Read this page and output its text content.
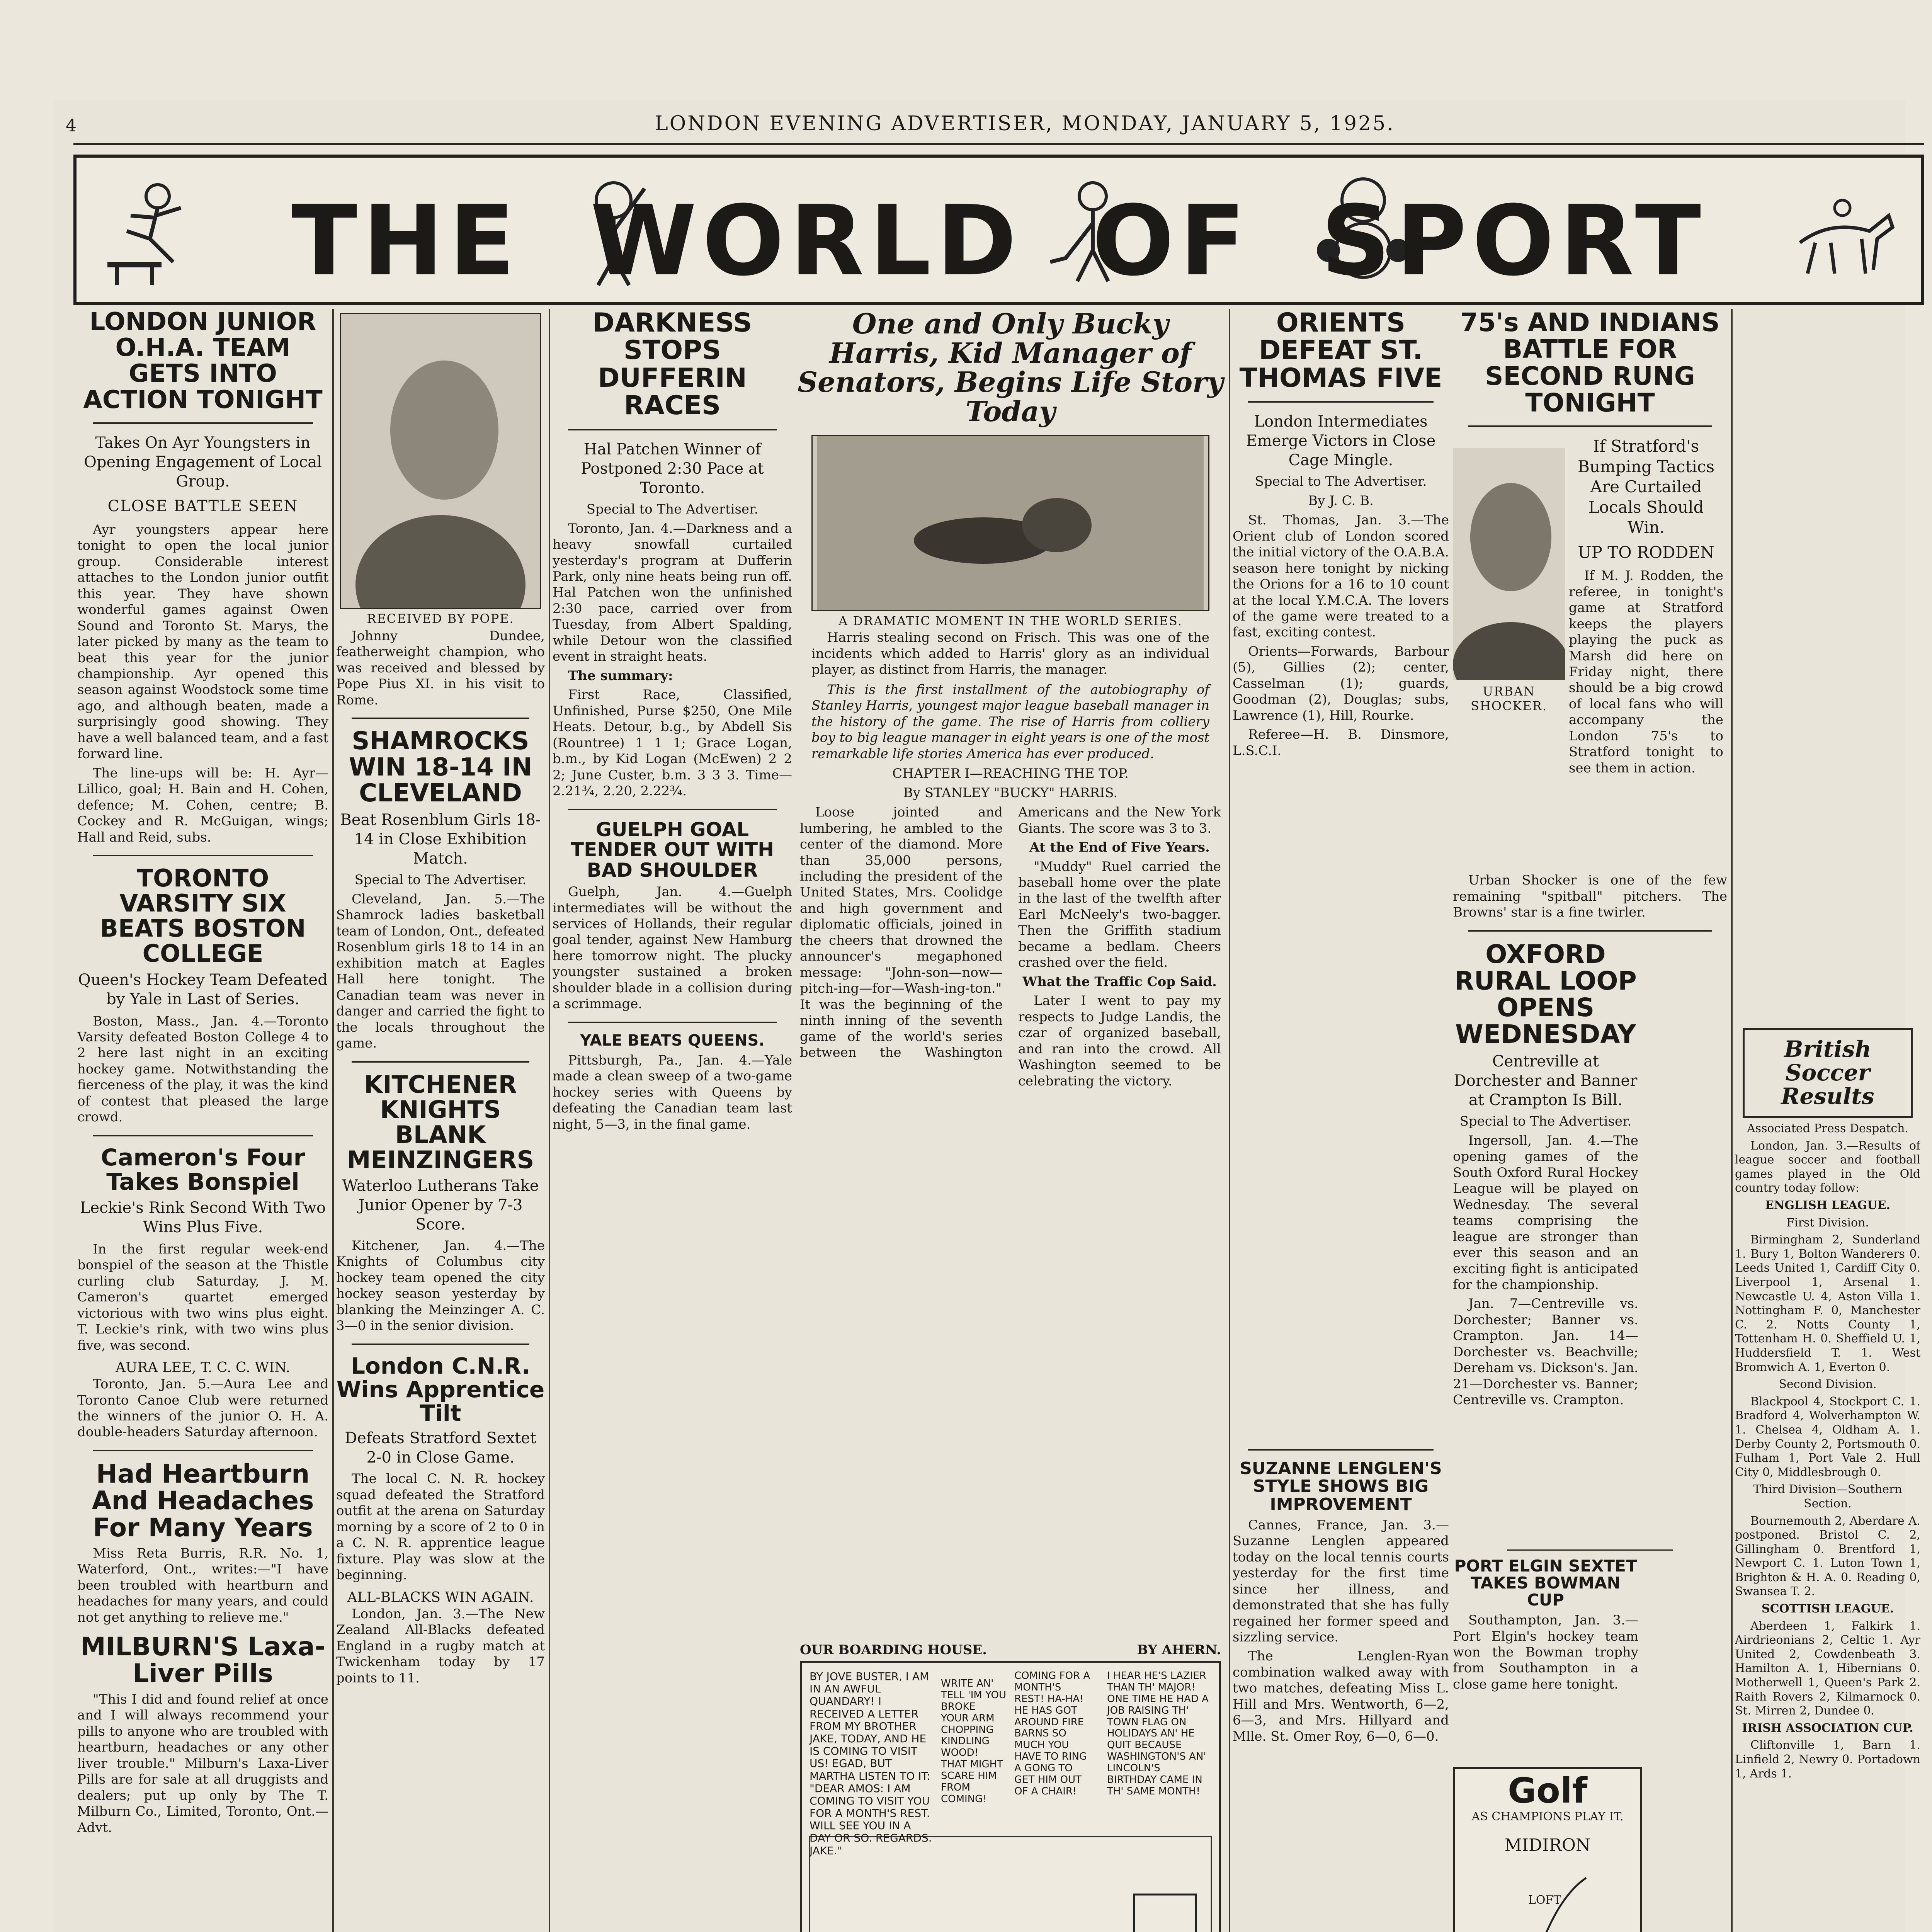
4	LONDON EVENING ADVERTISER, MONDAY, JANUARY 5, 1925.
THE WORLD OF SPORT
LONDON JUNIOR O.H.A. TEAM GETS INTO ACTION TONIGHT
Takes On Ayr Youngsters in Opening Engagement of Local Group.
CLOSE BATTLE SEEN

Ayr youngsters appear here tonight to open the local junior group. Considerable interest attaches to the London junior outfit this year. They have shown wonderful games against Owen Sound and Toronto St. Marys, the later picked by many as the team to beat this year for the junior championship. Ayr opened this season against Woodstock some time ago, and although beaten, made a surprisingly good showing. They have a well balanced team, and a fast forward line.

The line-ups will be: H. Ayr—Lillico, goal; H. Bain and H. Cohen, defence; M. Cohen, centre; B. Cockey and R. McGuigan, wings; Hall and Reid, subs.

TORONTO VARSITY SIX BEATS BOSTON COLLEGE
Queen's Hockey Team Defeated by Yale in Last of Series.

Boston, Mass., Jan. 4.—Toronto Varsity defeated Boston College 4 to 2 here last night in an exciting hockey game. Notwithstanding the fierceness of the play, it was the kind of contest that pleased the large crowd.

Cameron's Four Takes Bonspiel
Leckie's Rink Second With Two Wins Plus Five.

In the first regular week-end bonspiel of the season at the Thistle curling club Saturday, J. M. Cameron's quartet emerged victorious with two wins plus eight. T. Leckie's rink, with two wins plus five, was second.

AURA LEE, T. C. C. WIN.

Toronto, Jan. 5.—Aura Lee and Toronto Canoe Club were returned the winners of the junior O. H. A. double-headers Saturday afternoon.

Had Heartburn And Headaches For Many Years

Miss Reta Burris, R.R. No. 1, Waterford, Ont., writes:—"I have been troubled with heartburn and headaches for many years, and could not get anything to relieve me."

MILBURN'S Laxa-Liver Pills

"This I did and found relief at once and I will always recommend your pills to anyone who are troubled with heartburn, headaches or any other liver trouble." Milburn's Laxa-Liver Pills are for sale at all druggists and dealers; put up only by The T. Milburn Co., Limited, Toronto, Ont.—Advt.

RECEIVED BY POPE.

Johnny Dundee, featherweight champion, who was received and blessed by Pope Pius XI. in his visit to Rome.

SHAMROCKS WIN 18-14 IN CLEVELAND
Beat Rosenblum Girls 18-14 in Close Exhibition Match.
Special to The Advertiser.

Cleveland, Jan. 5.—The Shamrock ladies basketball team of London, Ont., defeated Rosenblum girls 18 to 14 in an exhibition match at Eagles Hall here tonight. The Canadian team was never in danger and carried the fight to the locals throughout the game.

KITCHENER KNIGHTS BLANK MEINZINGERS
Waterloo Lutherans Take Junior Opener by 7-3 Score.

Kitchener, Jan. 4.—The Knights of Columbus city hockey team opened the city hockey season yesterday by blanking the Meinzinger A. C. 3—0 in the senior division.

London C.N.R. Wins Apprentice Tilt
Defeats Stratford Sextet 2-0 in Close Game.

The local C. N. R. hockey squad defeated the Stratford outfit at the arena on Saturday morning by a score of 2 to 0 in a C. N. R. apprentice league fixture. Play was slow at the beginning.

ALL-BLACKS WIN AGAIN.

London, Jan. 3.—The New Zealand All-Blacks defeated England in a rugby match at Twickenham today by 17 points to 11.

DARKNESS STOPS DUFFERIN RACES
Hal Patchen Winner of Postponed 2:30 Pace at Toronto.
Special to The Advertiser.

Toronto, Jan. 4.—Darkness and a heavy snowfall curtailed yesterday's program at Dufferin Park, only nine heats being run off. Hal Patchen won the unfinished 2:30 pace, carried over from Tuesday, from Albert Spalding, while Detour won the classified event in straight heats.

The summary:

First Race, Classified, Unfinished, Purse $250, One Mile Heats. Detour, b.g., by Abdell Sis (Rountree) 1 1 1; Grace Logan, b.m., by Kid Logan (McEwen) 2 2 2; June Custer, b.m. 3 3 3. Time—2.21¾, 2.20, 2.22¾.

GUELPH GOAL TENDER OUT WITH BAD SHOULDER

Guelph, Jan. 4.—Guelph intermediates will be without the services of Hollands, their regular goal tender, against New Hamburg here tomorrow night. The plucky youngster sustained a broken shoulder blade in a collision during a scrimmage.

YALE BEATS QUEENS.

Pittsburgh, Pa., Jan. 4.—Yale made a clean sweep of a two-game hockey series with Queens by defeating the Canadian team last night, 5—3, in the final game.

One and Only Bucky Harris, Kid Manager of Senators, Begins Life Story Today
A DRAMATIC MOMENT IN THE WORLD SERIES.

Harris stealing second on Frisch. This was one of the incidents which added to Harris' glory as an individual player, as distinct from Harris, the manager.

This is the first installment of the autobiography of Stanley Harris, youngest major league baseball manager in the history of the game. The rise of Harris from colliery boy to big league manager in eight years is one of the most remarkable life stories America has ever produced.

CHAPTER I—REACHING THE TOP.
By STANLEY "BUCKY" HARRIS.

Loose jointed and lumbering, he ambled to the center of the diamond. More than 35,000 persons, including the president of the United States, Mrs. Coolidge and high government and diplomatic officials, joined in the cheers that drowned the announcer's megaphoned message: "John-son—now—pitch-ing—for—Wash-ing-ton." It was the beginning of the ninth inning of the seventh game of the world's series between the Washington Americans and the New York Giants. The score was 3 to 3.

At the End of Five Years.

"Muddy" Ruel carried the baseball home over the plate in the last of the twelfth after Earl McNeely's two-bagger. Then the Griffith stadium became a bedlam. Cheers crashed over the field.

What the Traffic Cop Said.

Later I went to pay my respects to Judge Landis, the czar of organized baseball, and ran into the crowd. All Washington seemed to be celebrating the victory.

OUR BOARDING HOUSE.	BY AHERN.
BY JOVE BUSTER, I AM IN AN AWFUL QUANDARY! I RECEIVED A LETTER FROM MY BROTHER JAKE, TODAY, AND HE IS COMING TO VISIT US! EGAD, BUT MARTHA LISTEN TO IT: "DEAR AMOS: I AM COMING TO VISIT YOU FOR A MONTH'S REST. WILL SEE YOU IN A DAY OR SO. REGARDS. JAKE."
WRITE AN' TELL 'IM YOU BROKE YOUR ARM CHOPPING KINDLING WOOD! THAT MIGHT SCARE HIM FROM COMING!
COMING FOR A MONTH'S REST! HA-HA! HE HAS GOT AROUND FIRE BARNS SO MUCH YOU HAVE TO RING A GONG TO GET HIM OUT OF A CHAIR!
I HEAR HE'S LAZIER THAN TH' MAJOR! ONE TIME HE HAD A JOB RAISING TH' TOWN FLAG ON HOLIDAYS AN' HE QUIT BECAUSE WASHINGTON'S AN' LINCOLN'S BIRTHDAY CAME IN TH' SAME MONTH!
ORIENTS DEFEAT ST. THOMAS FIVE
London Intermediates Emerge Victors in Close Cage Mingle.
Special to The Advertiser.
By J. C. B.

St. Thomas, Jan. 3.—The Orient club of London scored the initial victory of the O.A.B.A. season here tonight by nicking the Orions for a 16 to 10 count at the local Y.M.C.A. The lovers of the game were treated to a fast, exciting contest.

Orients—Forwards, Barbour (5), Gillies (2); center, Casselman (1); guards, Goodman (2), Douglas; subs, Lawrence (1), Hill, Rourke.

Referee—H. B. Dinsmore, L.S.C.I.

SUZANNE LENGLEN'S STYLE SHOWS BIG IMPROVEMENT

Cannes, France, Jan. 3.—Suzanne Lenglen appeared today on the local tennis courts yesterday for the first time since her illness, and demonstrated that she has fully regained her former speed and sizzling service.

The Lenglen-Ryan combination walked away with two matches, defeating Miss L. Hill and Mrs. Wentworth, 6—2, 6—3, and Mrs. Hillyard and Mlle. St. Omer Roy, 6—0, 6—0.

75's AND INDIANS BATTLE FOR SECOND RUNG TONIGHT
If Stratford's Bumping Tactics Are Curtailed Locals Should Win.
UP TO RODDEN
URBAN SHOCKER.

If M. J. Rodden, the referee, in tonight's game at Stratford keeps the players playing the puck as Marsh did here on Friday night, there should be a big crowd of local fans who will accompany the London 75's to Stratford tonight to see them in action.

Urban Shocker is one of the few remaining "spitball" pitchers. The Browns' star is a fine twirler.

OXFORD RURAL LOOP OPENS WEDNESDAY
Centreville at Dorchester and Banner at Crampton Is Bill.
Special to The Advertiser.

Ingersoll, Jan. 4.—The opening games of the South Oxford Rural Hockey League will be played on Wednesday. The several teams comprising the league are stronger than ever this season and an exciting fight is anticipated for the championship.

Jan. 7—Centreville vs. Dorchester; Banner vs. Crampton. Jan. 14—Dorchester vs. Beachville; Dereham vs. Dickson's. Jan. 21—Dorchester vs. Banner; Centreville vs. Crampton.

PORT ELGIN SEXTET TAKES BOWMAN CUP

Southampton, Jan. 3.—Port Elgin's hockey team won the Bowman trophy from Southampton in a close game here tonight.

Golf
AS CHAMPIONS PLAY IT.
MIDIRON
LOFT

British Soccer Results
Associated Press Despatch.

London, Jan. 3.—Results of league soccer and football games played in the Old country today follow:

ENGLISH LEAGUE.

First Division.

Birmingham 2, Sunderland 1. Bury 1, Bolton Wanderers 0. Leeds United 1, Cardiff City 0. Liverpool 1, Arsenal 1. Newcastle U. 4, Aston Villa 1. Nottingham F. 0, Manchester C. 2. Notts County 1, Tottenham H. 0. Sheffield U. 1, Huddersfield T. 1. West Bromwich A. 1, Everton 0.

Second Division.

Blackpool 4, Stockport C. 1. Bradford 4, Wolverhampton W. 1. Chelsea 4, Oldham A. 1. Derby County 2, Portsmouth 0. Fulham 1, Port Vale 2. Hull City 0, Middlesbrough 0.

Third Division—Southern Section.

Bournemouth 2, Aberdare A. postponed. Bristol C. 2, Gillingham 0. Brentford 1, Newport C. 1. Luton Town 1, Brighton & H. A. 0. Reading 0, Swansea T. 2.

SCOTTISH LEAGUE.

Aberdeen 1, Falkirk 1. Airdrieonians 2, Celtic 1. Ayr United 2, Cowdenbeath 3. Hamilton A. 1, Hibernians 0. Motherwell 1, Queen's Park 2. Raith Rovers 2, Kilmarnock 0. St. Mirren 2, Dundee 0.

IRISH ASSOCIATION CUP.

Cliftonville 1, Barn 1. Linfield 2, Newry 0. Portadown 1, Ards 1.
